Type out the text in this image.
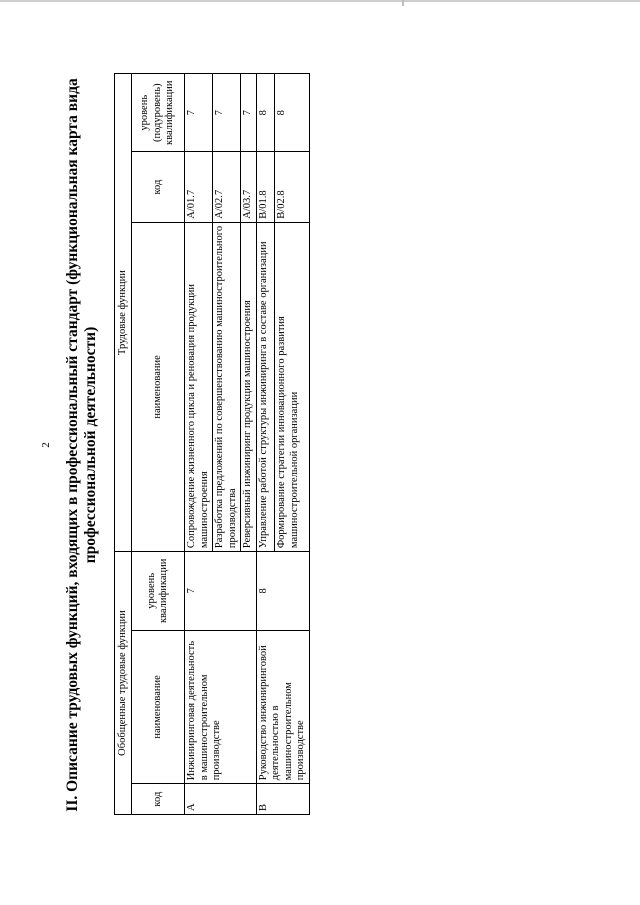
2 II. Описание трудовых функций, входящих в профессиональный стандарт (функциональная карта вида профессиональной деятельности)
Обобщенные трудовые функции			Трудовые функции		
код	наименование	уровень квалификации	наименование	код	уровень (подуровень) квалификации
A	Инжиниринговая деятельность в машиностроительном производстве	7	Сопровождение жизненного цикла и реновация продукции машиностроения	A/01.7	7
			Разработка предложений по совершенствованию машиностроительного производства	A/02.7	7
			Реверсивный инжиниринг продукции машиностроения	A/03.7	7
B	Руководство инжиниринговой деятельностью в машиностроительном производстве	8	Управление работой структуры инжиниринга в составе организации	B/01.8	8
			Формирование стратегии инновационного развития машиностроительной организации	B/02.8	8
